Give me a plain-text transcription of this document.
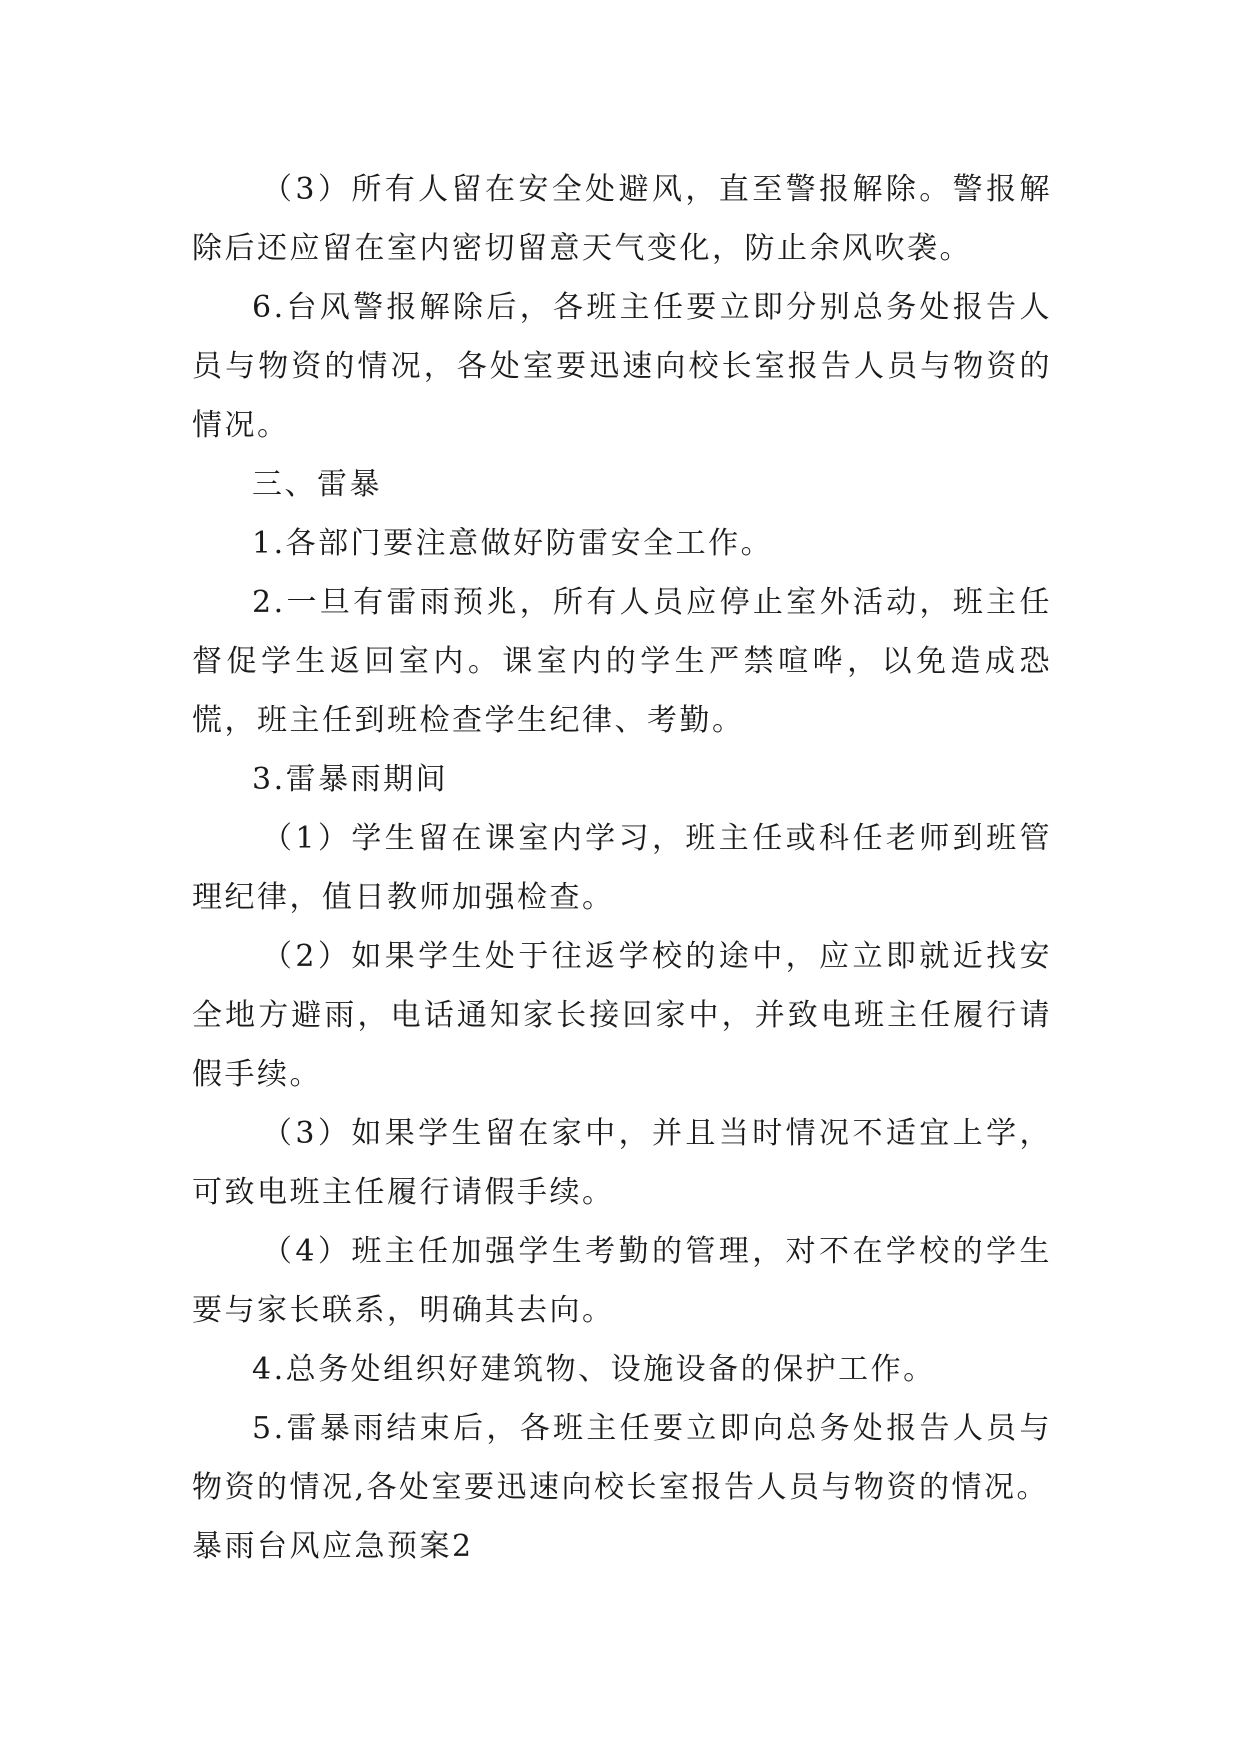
（3）所有人留在安全处避风，直至警报解除。警报解除后还应留在室内密切留意天气变化，防止余风吹袭。

6.台风警报解除后，各班主任要立即分别总务处报告人员与物资的情况，各处室要迅速向校长室报告人员与物资的情况。

三、雷暴

1.各部门要注意做好防雷安全工作。

2.一旦有雷雨预兆，所有人员应停止室外活动，班主任督促学生返回室内。课室内的学生严禁喧哗，以免造成恐慌，班主任到班检查学生纪律、考勤。

3.雷暴雨期间

（1）学生留在课室内学习，班主任或科任老师到班管理纪律，值日教师加强检查。

（2）如果学生处于往返学校的途中，应立即就近找安全地方避雨，电话通知家长接回家中，并致电班主任履行请假手续。

（3）如果学生留在家中，并且当时情况不适宜上学，可致电班主任履行请假手续。

（4）班主任加强学生考勤的管理，对不在学校的学生要与家长联系，明确其去向。

4.总务处组织好建筑物、设施设备的保护工作。

5.雷暴雨结束后，各班主任要立即向总务处报告人员与物资的情况,各处室要迅速向校长室报告人员与物资的情况。

暴雨台风应急预案2
